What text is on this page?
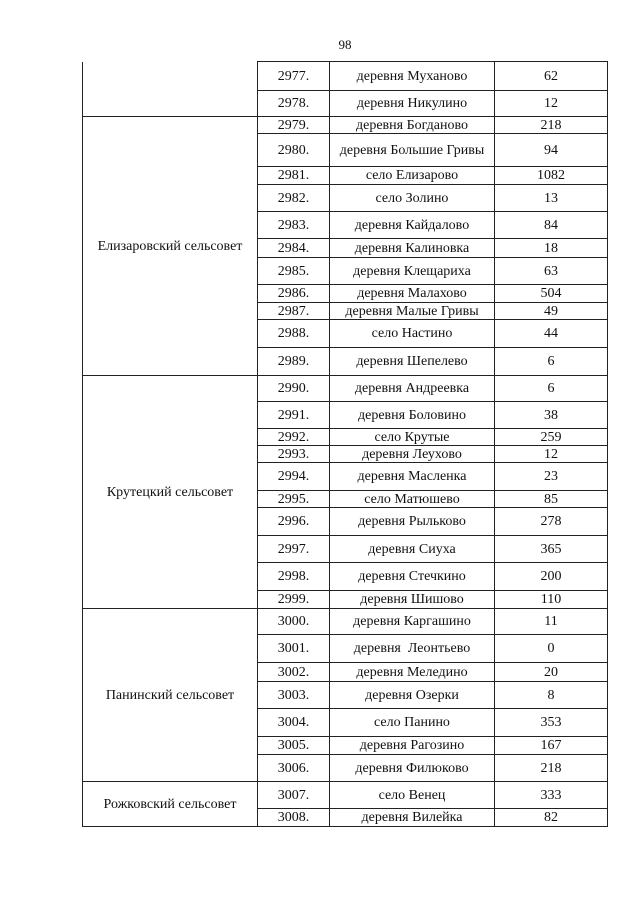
98
	2977.	деревня Муханово	62
	2978.	деревня Никулино	12
Елизаровский сельсовет	2979.	деревня Богданово	218
	2980.	деревня Большие Гривы	94
	2981.	село Елизарово	1082
	2982.	село Золино	13
	2983.	деревня Кайдалово	84
	2984.	деревня Калиновка	18
	2985.	деревня Клещариха	63
	2986.	деревня Малахово	504
	2987.	деревня Малые Гривы	49
	2988.	село Настино	44
	2989.	деревня Шепелево	6
Крутецкий сельсовет	2990.	деревня Андреевка	6
	2991.	деревня Боловино	38
	2992.	село Крутые	259
	2993.	деревня Леухово	12
	2994.	деревня Масленка	23
	2995.	село Матюшево	85
	2996.	деревня Рыльково	278
	2997.	деревня Сиуха	365
	2998.	деревня Стечкино	200
	2999.	деревня Шишово	110
Панинский сельсовет	3000.	деревня Каргашино	11
	3001.	деревня  Леонтьево	0
	3002.	деревня Меледино	20
	3003.	деревня Озерки	8
	3004.	село Панино	353
	3005.	деревня Рагозино	167
	3006.	деревня Филюково	218
Рожковский сельсовет	3007.	село Венец	333
	3008.	деревня Вилейка	82
